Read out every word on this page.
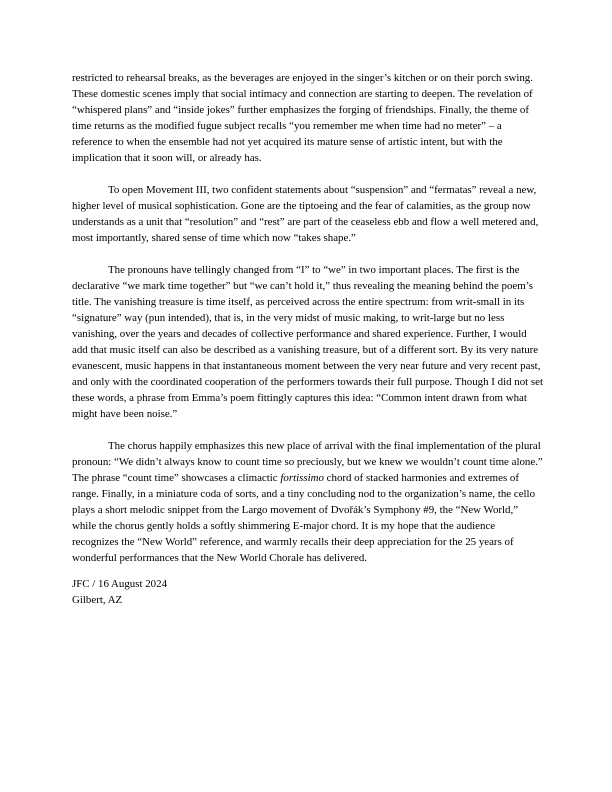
restricted to rehearsal breaks, as the beverages are enjoyed in the singer’s kitchen or on their porch swing. These domestic scenes imply that social intimacy and connection are starting to deepen. The revelation of “whispered plans” and “inside jokes” further emphasizes the forging of friendships. Finally, the theme of time returns as the modified fugue subject recalls “you remember me when time had no meter” – a reference to when the ensemble had not yet acquired its mature sense of artistic intent, but with the implication that it soon will, or already has.

To open Movement III, two confident statements about “suspension” and “fermatas” reveal a new, higher level of musical sophistication. Gone are the tiptoeing and the fear of calamities, as the group now understands as a unit that “resolution” and “rest” are part of the ceaseless ebb and flow a well metered and, most importantly, shared sense of time which now “takes shape.”

The pronouns have tellingly changed from “I” to “we” in two important places. The first is the declarative “we mark time together” but “we can’t hold it,” thus revealing the meaning behind the poem’s title. The vanishing treasure is time itself, as perceived across the entire spectrum: from writ-small in its “signature” way (pun intended), that is, in the very midst of music making, to writ-large but no less vanishing, over the years and decades of collective performance and shared experience. Further, I would add that music itself can also be described as a vanishing treasure, but of a different sort. By its very nature evanescent, music happens in that instantaneous moment between the very near future and very recent past, and only with the coordinated cooperation of the performers towards their full purpose. Though I did not set these words, a phrase from Emma’s poem fittingly captures this idea: “Common intent drawn from what might have been noise.”

The chorus happily emphasizes this new place of arrival with the final implementation of the plural pronoun: “We didn’t always know to count time so preciously, but we knew we wouldn’t count time alone.” The phrase “count time” showcases a climactic fortissimo chord of stacked harmonies and extremes of range. Finally, in a miniature coda of sorts, and a tiny concluding nod to the organization’s name, the cello plays a short melodic snippet from the Largo movement of Dvořák’s Symphony #9, the “New World,” while the chorus gently holds a softly shimmering E-major chord. It is my hope that the audience recognizes the “New World” reference, and warmly recalls their deep appreciation for the 25 years of wonderful performances that the New World Chorale has delivered.

JFC / 16 August 2024
Gilbert, AZ
